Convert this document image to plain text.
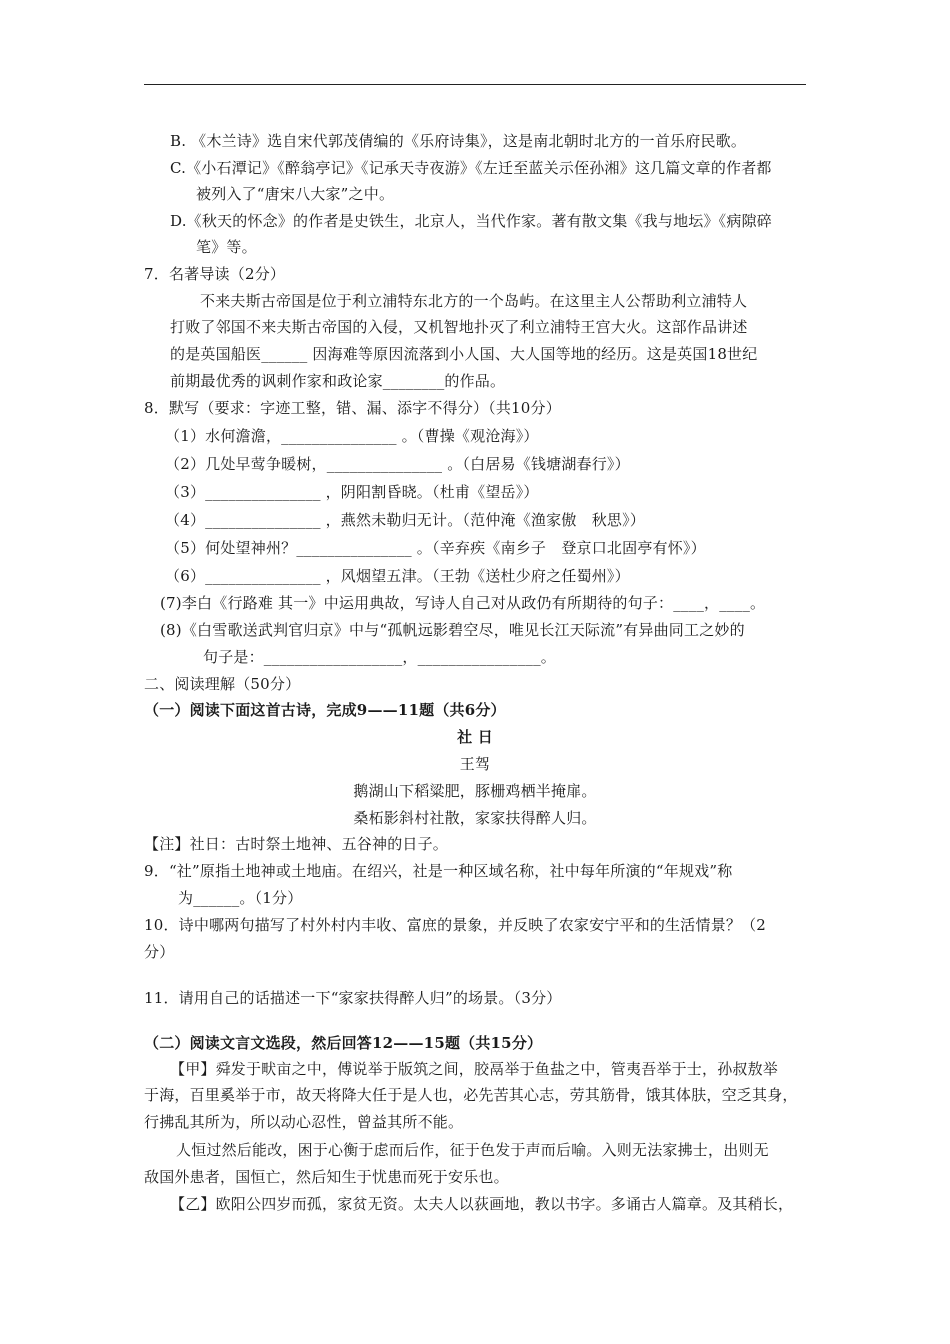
B. 《木兰诗》选自宋代郭茂倩编的《乐府诗集》，这是南北朝时北方的一首乐府民歌。
C.《小石潭记》《醉翁亭记》《记承天寺夜游》《左迁至蓝关示侄孙湘》这几篇文章的作者都
被列入了“唐宋八大家”之中。
D.《秋天的怀念》的作者是史铁生，北京人，当代作家。著有散文集《我与地坛》《病隙碎
笔》等。
7．名著导读（2分）
不来夫斯古帝国是位于利立浦特东北方的一个岛屿。在这里主人公帮助利立浦特人
打败了邻国不来夫斯古帝国的入侵，又机智地扑灭了利立浦特王宫大火。这部作品讲述
的是英国船医______ 因海难等原因流落到小人国、大人国等地的经历。这是英国18世纪
前期最优秀的讽刺作家和政论家________的作品。
8．默写（要求：字迹工整，错、漏、添字不得分）（共10分）
（1）水何澹澹，_______________ 。（曹操《观沧海》）
（2）几处早莺争暖树，_______________ 。（白居易《钱塘湖春行》）
（3）_______________ ，阴阳割昏晓。（杜甫《望岳》）
（4）_______________ ，燕然未勒归无计。（范仲淹《渔家傲　秋思》）
（5）何处望神州？_______________ 。（辛弃疾《南乡子　登京口北固亭有怀》）
（6）_______________ ，风烟望五津。（王勃《送杜少府之任蜀州》）
(7)李白《行路难 其一》中运用典故，写诗人自己对从政仍有所期待的句子：____，____。
(8)《白雪歌送武判官归京》中与“孤帆远影碧空尽，唯见长江天际流”有异曲同工之妙的
句子是：__________________，________________。
二、阅读理解（50分）
（一）阅读下面这首古诗，完成9——11题（共6分）
社 日
王驾
鹅湖山下稻粱肥，豚栅鸡栖半掩扉。
桑柘影斜村社散，家家扶得醉人归。
【注】社日：古时祭土地神、五谷神的日子。
9．“社”原指土地神或土地庙。在绍兴，社是一种区域名称，社中每年所演的“年规戏”称
为______。（1分）
10．诗中哪两句描写了村外村内丰收、富庶的景象，并反映了农家安宁平和的生活情景？（2
分）
11．请用自己的话描述一下“家家扶得醉人归”的场景。（3分）
（二）阅读文言文选段，然后回答12——15题（共15分）
【甲】舜发于畎亩之中，傅说举于版筑之间，胶鬲举于鱼盐之中，管夷吾举于士，孙叔敖举
于海，百里奚举于市，故天将降大任于是人也，必先苦其心志，劳其筋骨，饿其体肤，空乏其身，
行拂乱其所为，所以动心忍性，曾益其所不能。
人恒过然后能改，困于心衡于虑而后作，征于色发于声而后喻。入则无法家拂士，出则无
敌国外患者，国恒亡，然后知生于忧患而死于安乐也。
【乙】欧阳公四岁而孤，家贫无资。太夫人以荻画地，教以书字。多诵古人篇章。及其稍长，
